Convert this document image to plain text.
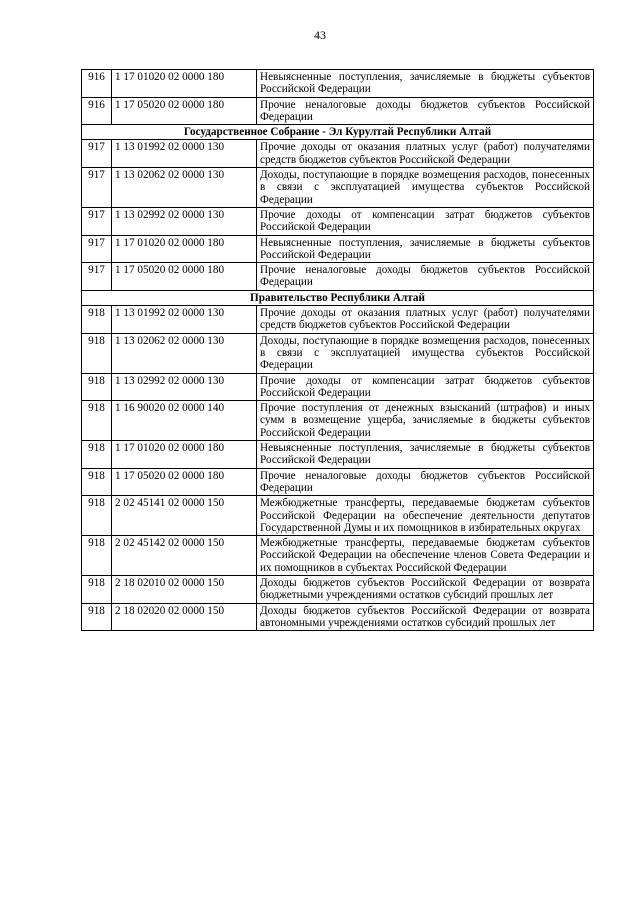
43
916	1 17 01020 02 0000 180	Невыясненные поступления, зачисляемые в бюджеты субъектов Российской Федерации
916	1 17 05020 02 0000 180	Прочие неналоговые доходы бюджетов субъектов Российской Федерации
Государственное Собрание - Эл Курултай Республики Алтай		
917	1 13 01992 02 0000 130	Прочие доходы от оказания платных услуг (работ) получателями средств бюджетов субъектов Российской Федерации
917	1 13 02062 02 0000 130	Доходы, поступающие в порядке возмещения расходов, понесенных в связи с эксплуатацией имущества субъектов Российской Федерации
917	1 13 02992 02 0000 130	Прочие доходы от компенсации затрат бюджетов субъектов Российской Федерации
917	1 17 01020 02 0000 180	Невыясненные поступления, зачисляемые в бюджеты субъектов Российской Федерации
917	1 17 05020 02 0000 180	Прочие неналоговые доходы бюджетов субъектов Российской Федерации
Правительство Республики Алтай		
918	1 13 01992 02 0000 130	Прочие доходы от оказания платных услуг (работ) получателями средств бюджетов субъектов Российской Федерации
918	1 13 02062 02 0000 130	Доходы, поступающие в порядке возмещения расходов, понесенных в связи с эксплуатацией имущества субъектов Российской Федерации
918	1 13 02992 02 0000 130	Прочие доходы от компенсации затрат бюджетов субъектов Российской Федерации
918	1 16 90020 02 0000 140	Прочие поступления от денежных взысканий (штрафов) и иных сумм в возмещение ущерба, зачисляемые в бюджеты субъектов Российской Федерации
918	1 17 01020 02 0000 180	Невыясненные поступления, зачисляемые в бюджеты субъектов Российской Федерации
918	1 17 05020 02 0000 180	Прочие неналоговые доходы бюджетов субъектов Российской Федерации
918	2 02 45141 02 0000 150	Межбюджетные трансферты, передаваемые бюджетам субъектов Российской Федерации на обеспечение деятельности депутатов Государственной Думы и их помощников в избирательных округах
918	2 02 45142 02 0000 150	Межбюджетные трансферты, передаваемые бюджетам субъектов Российской Федерации на обеспечение членов Совета Федерации и их помощников в субъектах Российской Федерации
918	2 18 02010 02 0000 150	Доходы бюджетов субъектов Российской Федерации от возврата бюджетными учреждениями остатков субсидий прошлых лет
918	2 18 02020 02 0000 150	Доходы бюджетов субъектов Российской Федерации от возврата автономными учреждениями остатков субсидий прошлых лет
